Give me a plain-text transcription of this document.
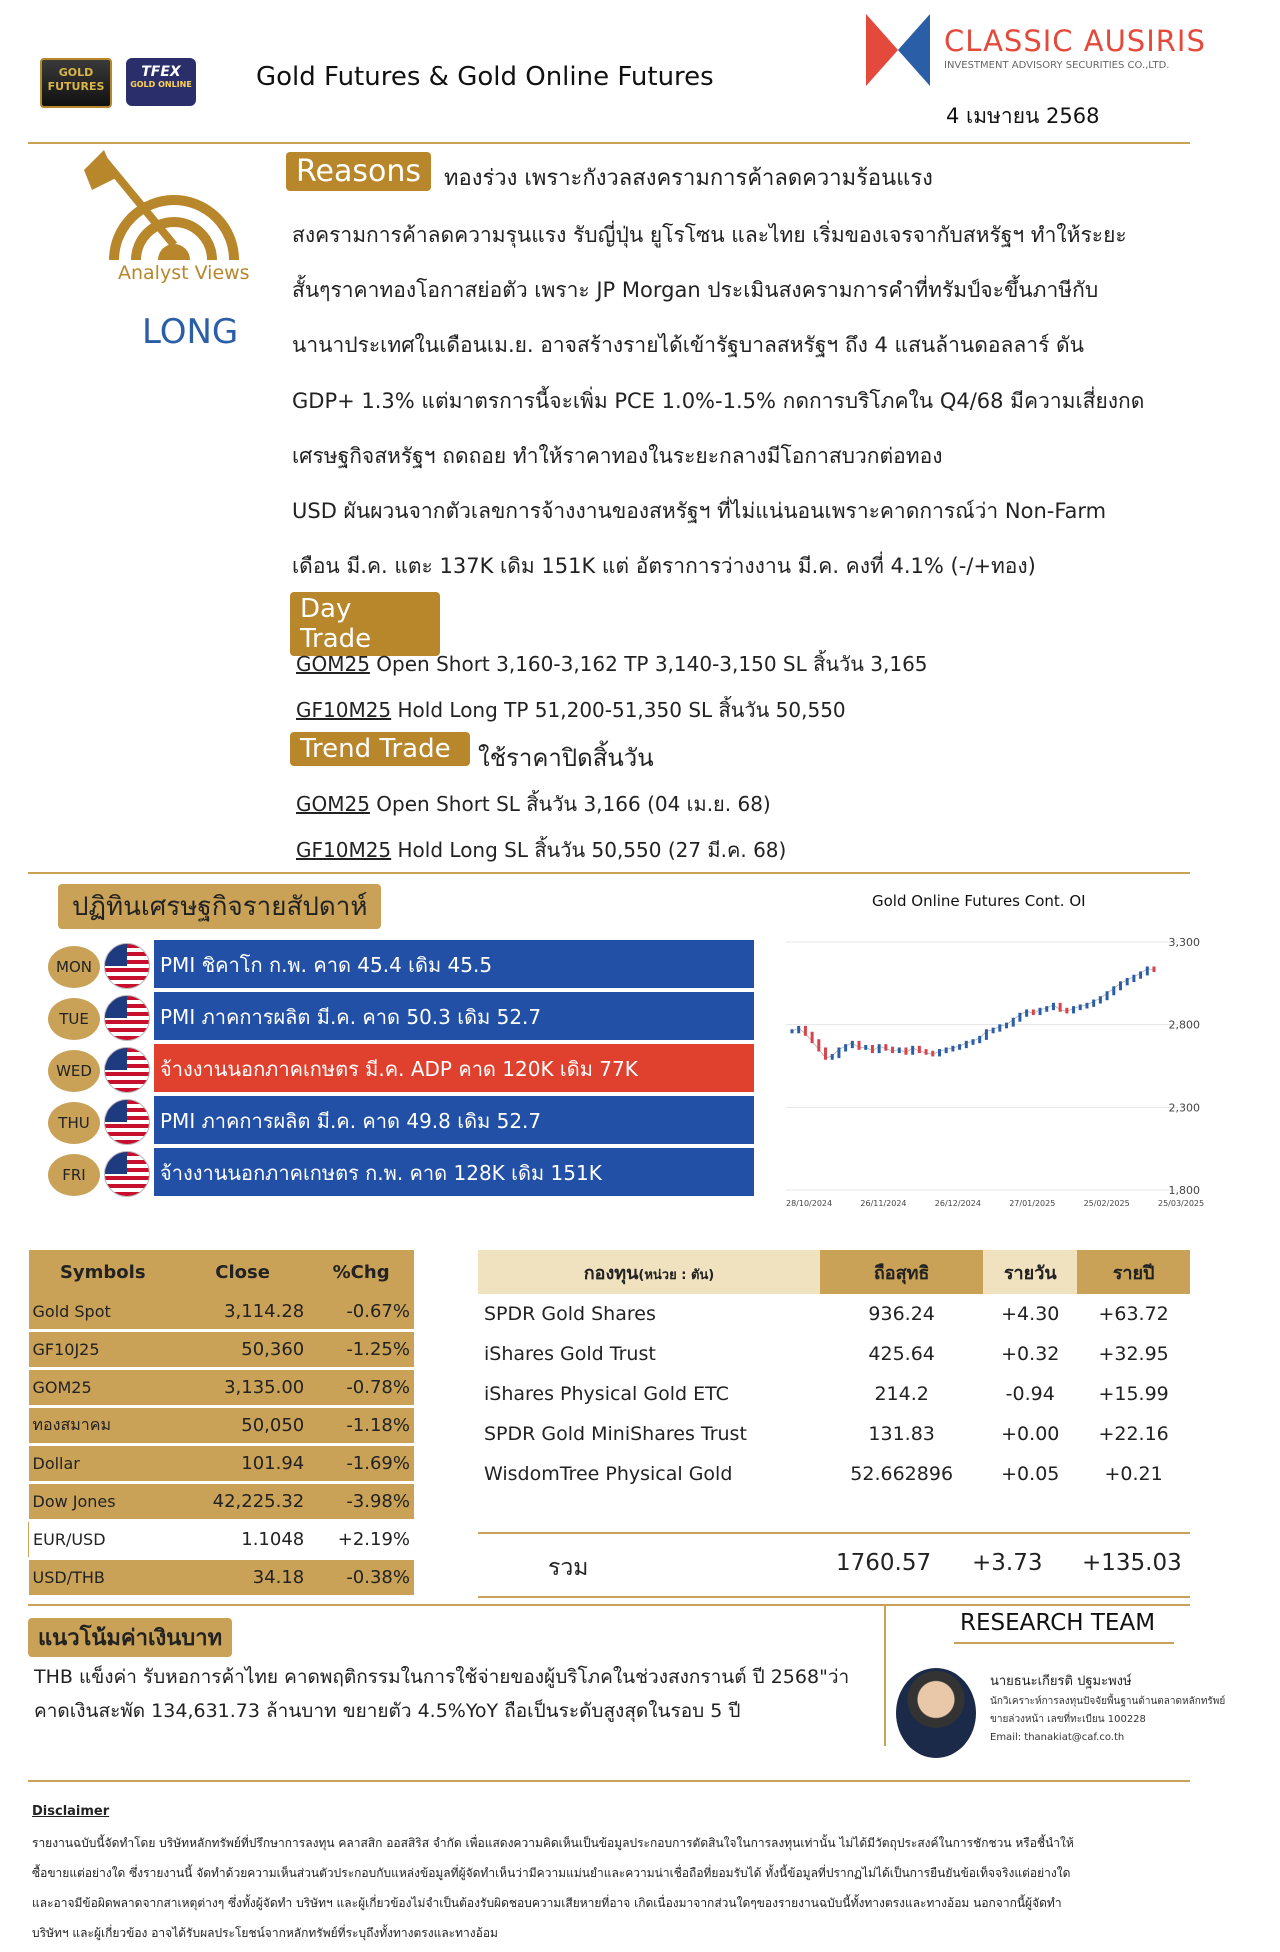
GOLD FUTURES
TFEX
GOLD ONLINE Gold Futures & Gold Online Futures
CLASSIC AUSIRIS
INVESTMENT ADVISORY SECURITIES CO.,LTD.
4 เมษายน 2568
Analyst Views
LONG
Reasons	ทองร่วง เพราะกังวลสงครามการค้าลดความร้อนแรง
สงครามการค้าลดความรุนแรง รับญี่ปุ่น ยูโรโซน และไทย เริ่มของเจรจากับสหรัฐฯ ทำให้ระยะ
สั้นๆราคาทองโอกาสย่อตัว เพราะ JP Morgan ประเมินสงครามการคำที่ทรัมป์จะขึ้นภาษีกับ
นานาประเทศในเดือนเม.ย. อาจสร้างรายได้เข้ารัฐบาลสหรัฐฯ ถึง 4 แสนล้านดอลลาร์ ดัน
GDP+ 1.3% แต่มาตรการนี้จะเพิ่ม PCE 1.0%-1.5% กดการบริโภคใน Q4/68 มีความเสี่ยงกด
เศรษฐกิจสหรัฐฯ ถดถอย ทำให้ราคาทองในระยะกลางมีโอกาสบวกต่อทอง
USD ผันผวนจากตัวเลขการจ้างงานของสหรัฐฯ ที่ไม่แน่นอนเพราะคาดการณ์ว่า Non-Farm
เดือน มี.ค. แตะ 137K เดิม 151K แต่ อัตราการว่างงาน มี.ค. คงที่ 4.1% (-/+ทอง)
Day Trade
GOM25 Open Short 3,160-3,162 TP 3,140-3,150 SL สิ้นวัน 3,165
GF10M25 Hold Long TP 51,200-51,350 SL สิ้นวัน 50,550
Trend Trade	ใช้ราคาปิดสิ้นวัน
GOM25 Open Short SL สิ้นวัน 3,166 (04 เม.ย. 68)
GF10M25 Hold Long SL สิ้นวัน 50,550 (27 มี.ค. 68)
ปฏิทินเศรษฐกิจรายสัปดาห์
MON	PMI ชิคาโก ก.พ. คาด 45.4 เดิม 45.5
TUE	PMI ภาคการผลิต มี.ค. คาด 50.3 เดิม 52.7
WED	จ้างงานนอกภาคเกษตร มี.ค. ADP คาด 120K เดิม 77K
THU	PMI ภาคการผลิต มี.ค. คาด 49.8 เดิม 52.7
FRI	จ้างงานนอกภาคเกษตร ก.พ. คาด 128K เดิม 151K
Gold Online Futures Cont. OI
3,300
2,800
2,300
1,800
28/10/2024	26/11/2024	26/12/2024	27/01/2025	25/02/2025	25/03/2025
Symbols	Close	%Chg
Gold Spot	3,114.28	-0.67%
GF10J25	50,360	-1.25%
GOM25	3,135.00	-0.78%
ทองสมาคม	50,050	-1.18%
Dollar	101.94	-1.69%
Dow Jones	42,225.32	-3.98%
EUR/USD	1.1048	+2.19%
USD/THB	34.18	-0.38%
กองทุน(หน่วย : ตัน)	ถือสุทธิ	รายวัน	รายปี
SPDR Gold Shares	936.24	+4.30	+63.72
iShares Gold Trust	425.64	+0.32	+32.95
iShares Physical Gold ETC	214.2	-0.94	+15.99
SPDR Gold MiniShares Trust	131.83	+0.00	+22.16
WisdomTree Physical Gold	52.662896	+0.05	+0.21
รวม	1760.57 +3.73 +135.03
แนวโน้มค่าเงินบาท
THB แข็งค่า รับหอการค้าไทย คาดพฤติกรรมในการใช้จ่ายของผู้บริโภคในช่วงสงกรานต์ ปี 2568"ว่า
คาดเงินสะพัด 134,631.73 ล้านบาท ขยายตัว 4.5%YoY ถือเป็นระดับสูงสุดในรอบ 5 ปี
RESEARCH TEAM
นายธนะเกียรติ ปฐมะพงษ์
นักวิเคราะห์การลงทุนปัจจัยพื้นฐานด้านตลาดหลักทรัพย์
ขายล่วงหน้า เลขที่ทะเบียน 100228
Email: thanakiat@caf.co.th
Disclaimer
รายงานฉบับนี้จัดทำโดย บริษัทหลักทรัพย์ที่ปรึกษาการลงทุน คลาสสิก ออสสิริส จำกัด เพื่อแสดงความคิดเห็นเป็นข้อมูลประกอบการตัดสินใจในการลงทุนเท่านั้น ไม่ได้มีวัตถุประสงค์ในการชักชวน หรือชี้นำให้
ซื้อขายแต่อย่างใด ซึ่งรายงานนี้ จัดทำด้วยความเห็นส่วนตัวประกอบกับแหล่งข้อมูลที่ผู้จัดทำเห็นว่ามีความแม่นยำและความน่าเชื่อถือที่ยอมรับได้ ทั้งนี้ข้อมูลที่ปรากฏไม่ได้เป็นการยืนยันข้อเท็จจริงแต่อย่างใด
และอาจมีข้อผิดพลาดจากสาเหตุต่างๆ ซึ่งทั้งผู้จัดทำ บริษัทฯ และผู้เกี่ยวข้องไม่จำเป็นต้องรับผิดชอบความเสียหายที่อาจ เกิดเนื่องมาจากส่วนใดๆของรายงานฉบับนี้ทั้งทางตรงและทางอ้อม นอกจากนี้ผู้จัดทำ
บริษัทฯ และผู้เกี่ยวข้อง อาจได้รับผลประโยชน์จากหลักทรัพย์ที่ระบุถึงทั้งทางตรงและทางอ้อม
